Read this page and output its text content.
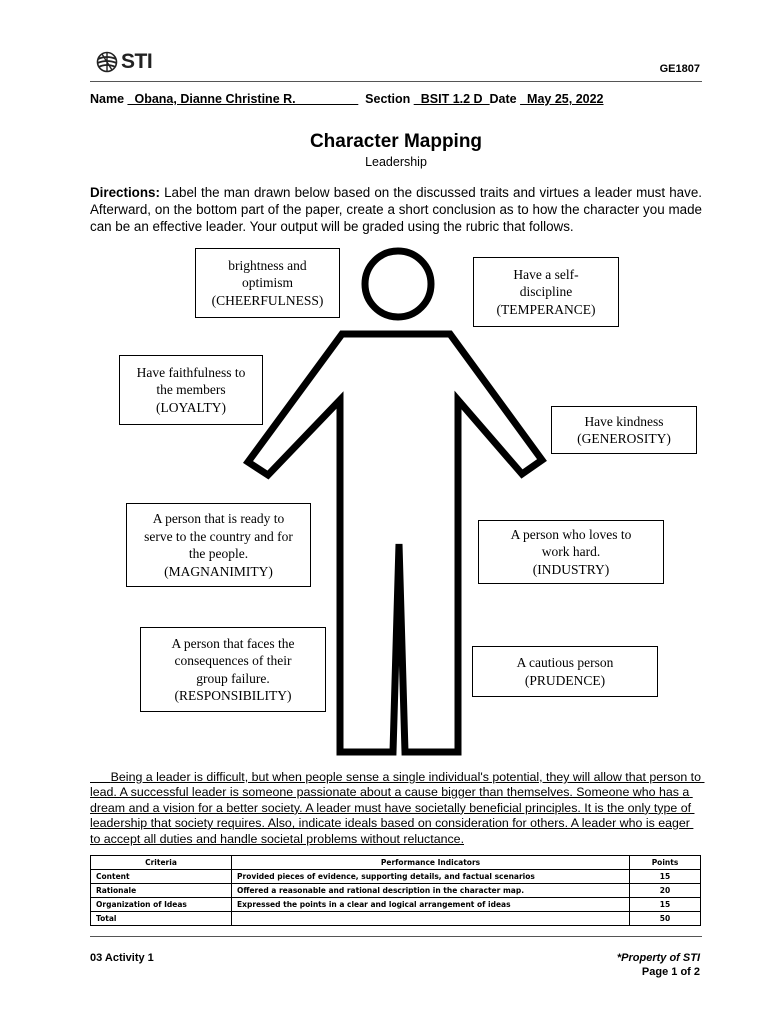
STI	GE1807
Name _Obana, Dianne Christine R._________ Section _BSIT 1.2 D_Date _May 25, 2022
Character Mapping
Leadership
Directions: Label the man drawn below based on the discussed traits and virtues a leader must have. Afterward, on the bottom part of the paper, create a short conclusion as to how the character you made can be an effective leader. Your output will be graded using the rubric that follows.
brightness and
optimism
(CHEERFULNESS)
Have a self-
discipline
(TEMPERANCE)
Have faithfulness to
the members
(LOYALTY)
Have kindness
(GENEROSITY)
A person that is ready to
serve to the country and for
the people.
(MAGNANIMITY)
A person who loves to
work hard.
(INDUSTRY)
A person that faces the
consequences of their
group failure.
(RESPONSIBILITY)
A cautious person
(PRUDENCE)
Being a leader is difficult, but when people sense a single individual's potential, they will allow that person to lead. A successful leader is someone passionate about a cause bigger than themselves. Someone who has a dream and a vision for a better society. A leader must have societally beneficial principles. It is the only type of leadership that society requires. Also, indicate ideals based on consideration for others. A leader who is eager to accept all duties and handle societal problems without reluctance.
Criteria	Performance Indicators	Points
Content	Provided pieces of evidence, supporting details, and factual scenarios	15
Rationale	Offered a reasonable and rational description in the character map.	20
Organization of Ideas	Expressed the points in a clear and logical arrangement of ideas	15
Total		50
03 Activity 1	*Property of STI
Page 1 of 2
